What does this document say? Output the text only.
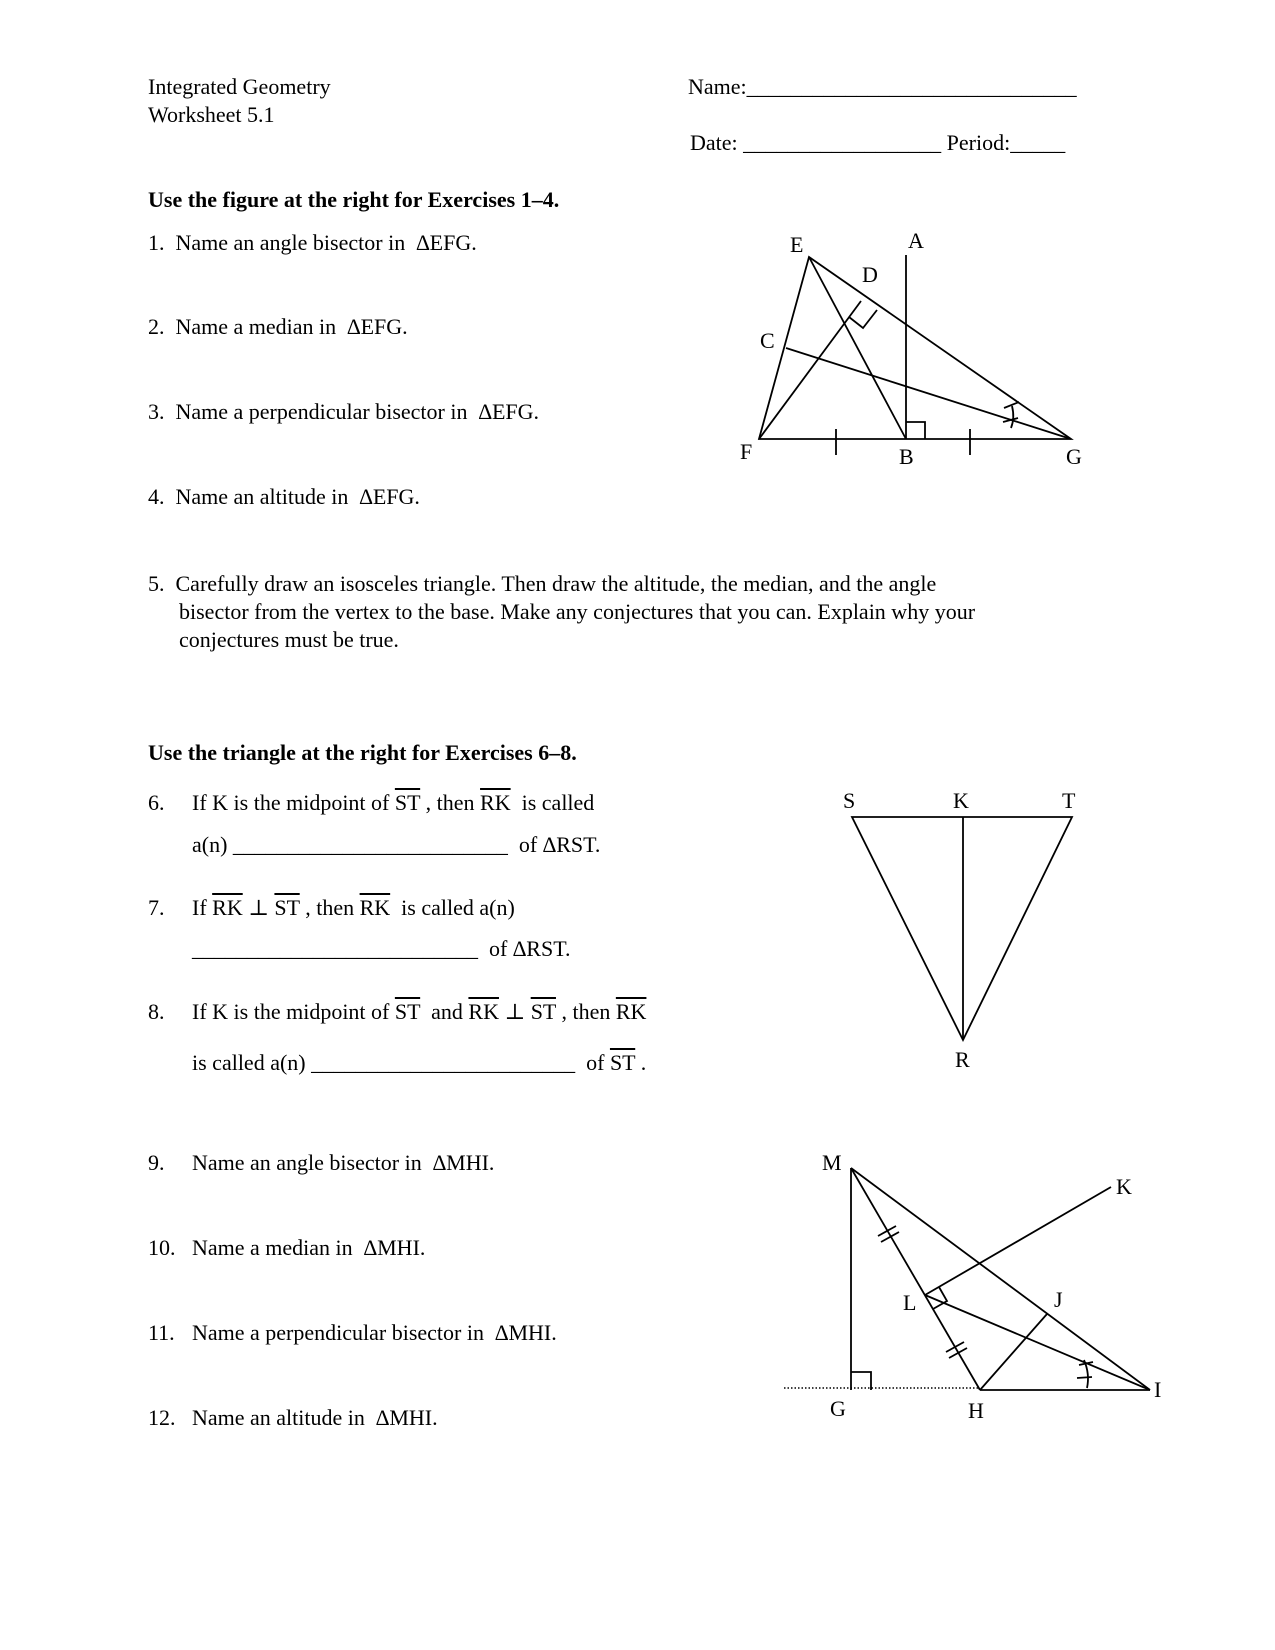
Integrated Geometry
Worksheet 5.1
Name:______________________________
Date: __________________ Period:_____
Use the figure at the right for Exercises 1–4.
1.  Name an angle bisector in  ∆EFG.
2.  Name a median in  ∆EFG.
3.  Name a perpendicular bisector in  ∆EFG.
4.  Name an altitude in  ∆EFG.
E	A
D
C
F	B	G
5.  Carefully draw an isosceles triangle. Then draw the altitude, the median, and the angle
bisector from the vertex to the base. Make any conjectures that you can. Explain why your
conjectures must be true.
Use the triangle at the right for Exercises 6–8.
6. If K is the midpoint of $\overline{ST}$ , then $\overline{RK}$  is called
a(n) _________________________  of ∆RST.
7. If $\overline{RK}$ ⊥ $\overline{ST}$ , then $\overline{RK}$  is called a(n)
__________________________  of ∆RST.
8. If K is the midpoint of $\overline{ST}$  and $\overline{RK}$ ⊥ $\overline{ST}$ , then $\overline{RK}$
is called a(n) ________________________  of $\overline{ST}$ .
S	K	T
R
9. Name an angle bisector in  ∆MHI.
10. Name a median in  ∆MHI.
11. Name a perpendicular bisector in  ∆MHI.
12. Name an altitude in  ∆MHI.
M
K
L	J
G	H
I
